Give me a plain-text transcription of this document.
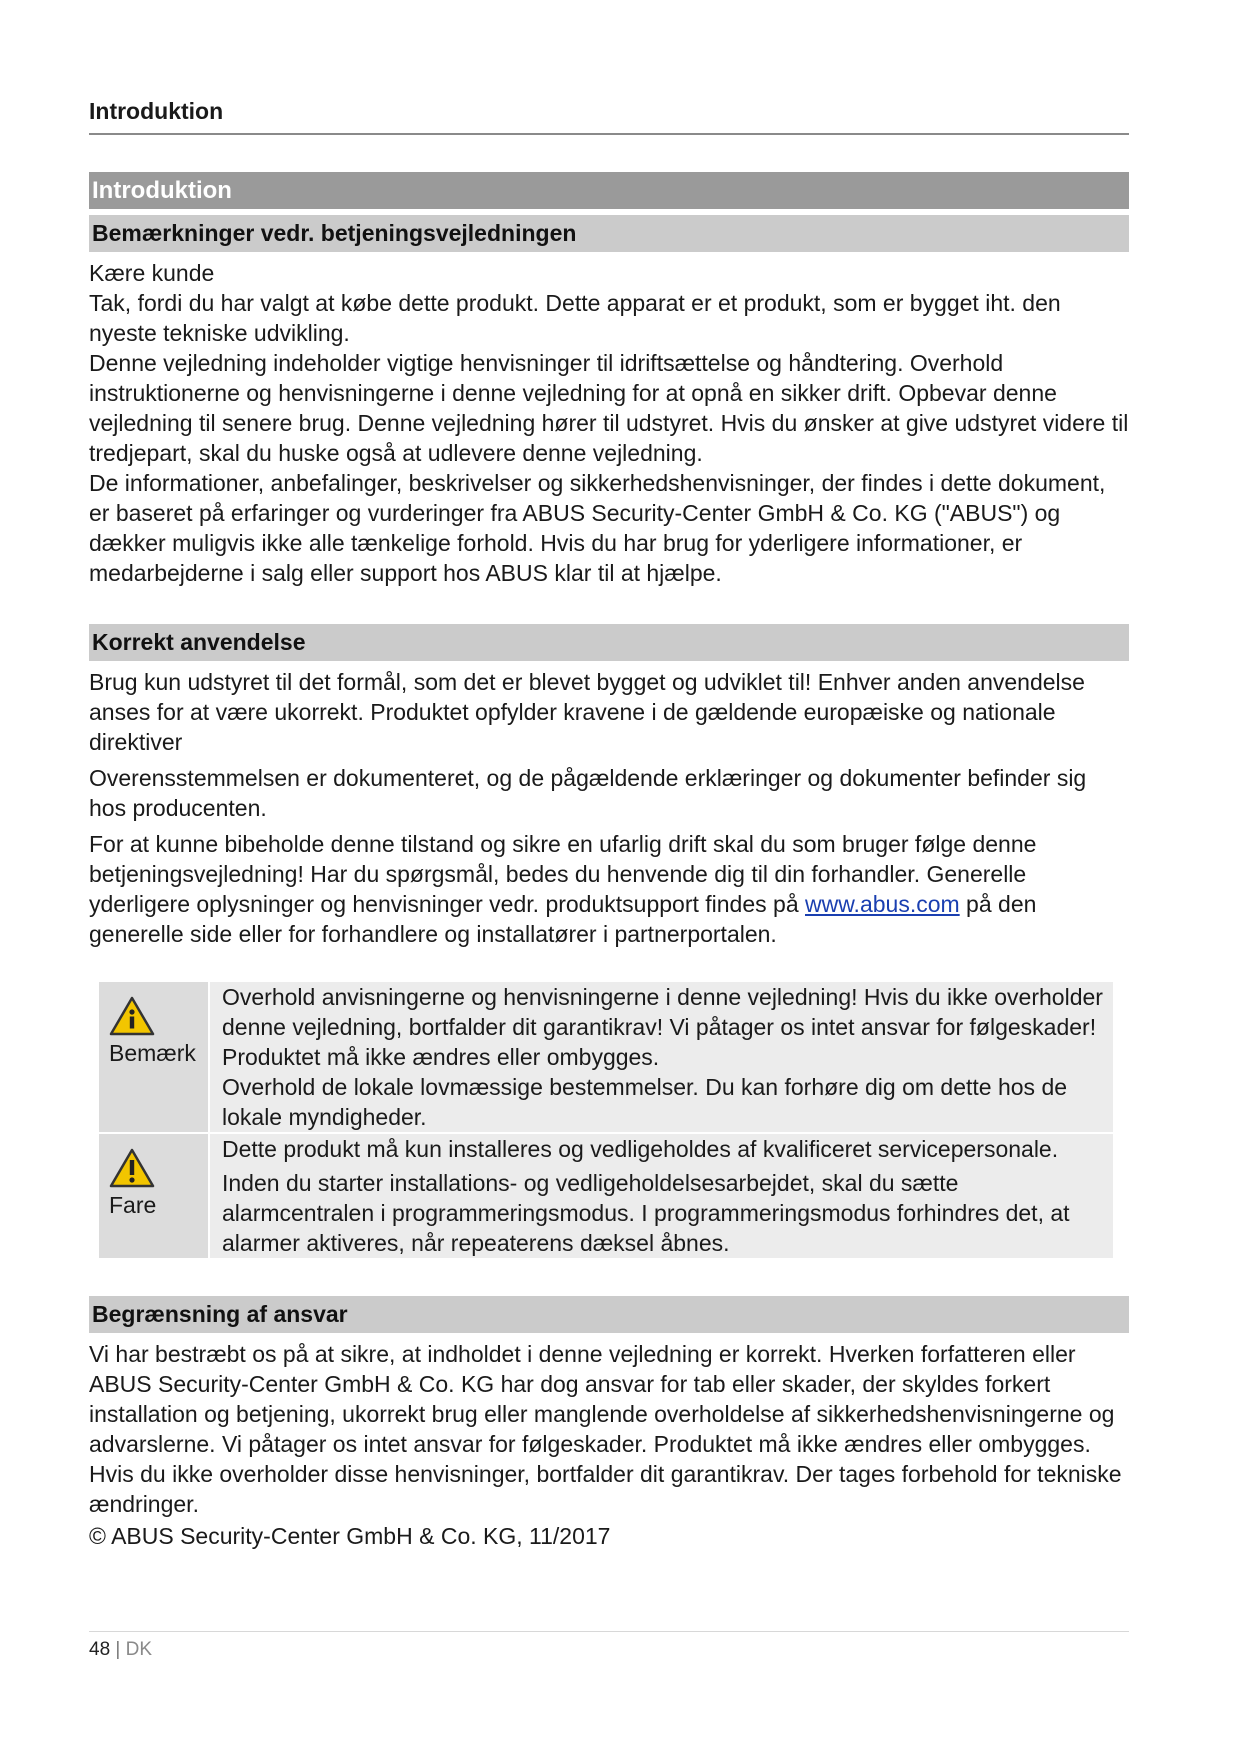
Introduktion
Introduktion
Bemærkninger vedr. betjeningsvejledningen

Kære kunde

Tak, fordi du har valgt at købe dette produkt. Dette apparat er et produkt, som er bygget iht. den nyeste tekniske udvikling.

Denne vejledning indeholder vigtige henvisninger til idriftsættelse og håndtering. Overhold instruktionerne og henvisningerne i denne vejledning for at opnå en sikker drift. Opbevar denne vejledning til senere brug. Denne vejledning hører til udstyret. Hvis du ønsker at give udstyret videre til tredjepart, skal du huske også at udlevere denne vejledning.

De informationer, anbefalinger, beskrivelser og sikkerhedshenvisninger, der findes i dette dokument, er baseret på erfaringer og vurderinger fra ABUS Security-Center GmbH & Co. KG ("ABUS") og dækker muligvis ikke alle tænkelige forhold. Hvis du har brug for yderligere informationer, er medarbejderne i salg eller support hos ABUS klar til at hjælpe.

Korrekt anvendelse

Brug kun udstyret til det formål, som det er blevet bygget og udviklet til! Enhver anden anvendelse anses for at være ukorrekt. Produktet opfylder kravene i de gældende europæiske og nationale direktiver

Overensstemmelsen er dokumenteret, og de pågældende erklæringer og dokumenter befinder sig hos producenten.

For at kunne bibeholde denne tilstand og sikre en ufarlig drift skal du som bruger følge denne betjeningsvejledning! Har du spørgsmål, bedes du henvende dig til din forhandler. Generelle yderligere oplysninger og henvisninger vedr. produktsupport findes på www.abus.com på den generelle side eller for forhandlere og installatører i partnerportalen.

Bemærk

Overhold anvisningerne og henvisningerne i denne vejledning! Hvis du ikke overholder denne vejledning, bortfalder dit garantikrav! Vi påtager os intet ansvar for følgeskader!

Produktet må ikke ændres eller ombygges.

Overhold de lokale lovmæssige bestemmelser. Du kan forhøre dig om dette hos de lokale myndigheder.

Fare

Dette produkt må kun installeres og vedligeholdes af kvalificeret servicepersonale.

Inden du starter installations- og vedligeholdelsesarbejdet, skal du sætte alarmcentralen i programmeringsmodus. I programmeringsmodus forhindres det, at alarmer aktiveres, når repeaterens dæksel åbnes.

Begrænsning af ansvar

Vi har bestræbt os på at sikre, at indholdet i denne vejledning er korrekt. Hverken forfatteren eller ABUS Security-Center GmbH & Co. KG har dog ansvar for tab eller skader, der skyldes forkert installation og betjening, ukorrekt brug eller manglende overholdelse af sikkerhedshenvisningerne og advarslerne. Vi påtager os intet ansvar for følgeskader. Produktet må ikke ændres eller ombygges. Hvis du ikke overholder disse henvisninger, bortfalder dit garantikrav. Der tages forbehold for tekniske ændringer.

© ABUS Security-Center GmbH & Co. KG, 11/2017

48 | DK
